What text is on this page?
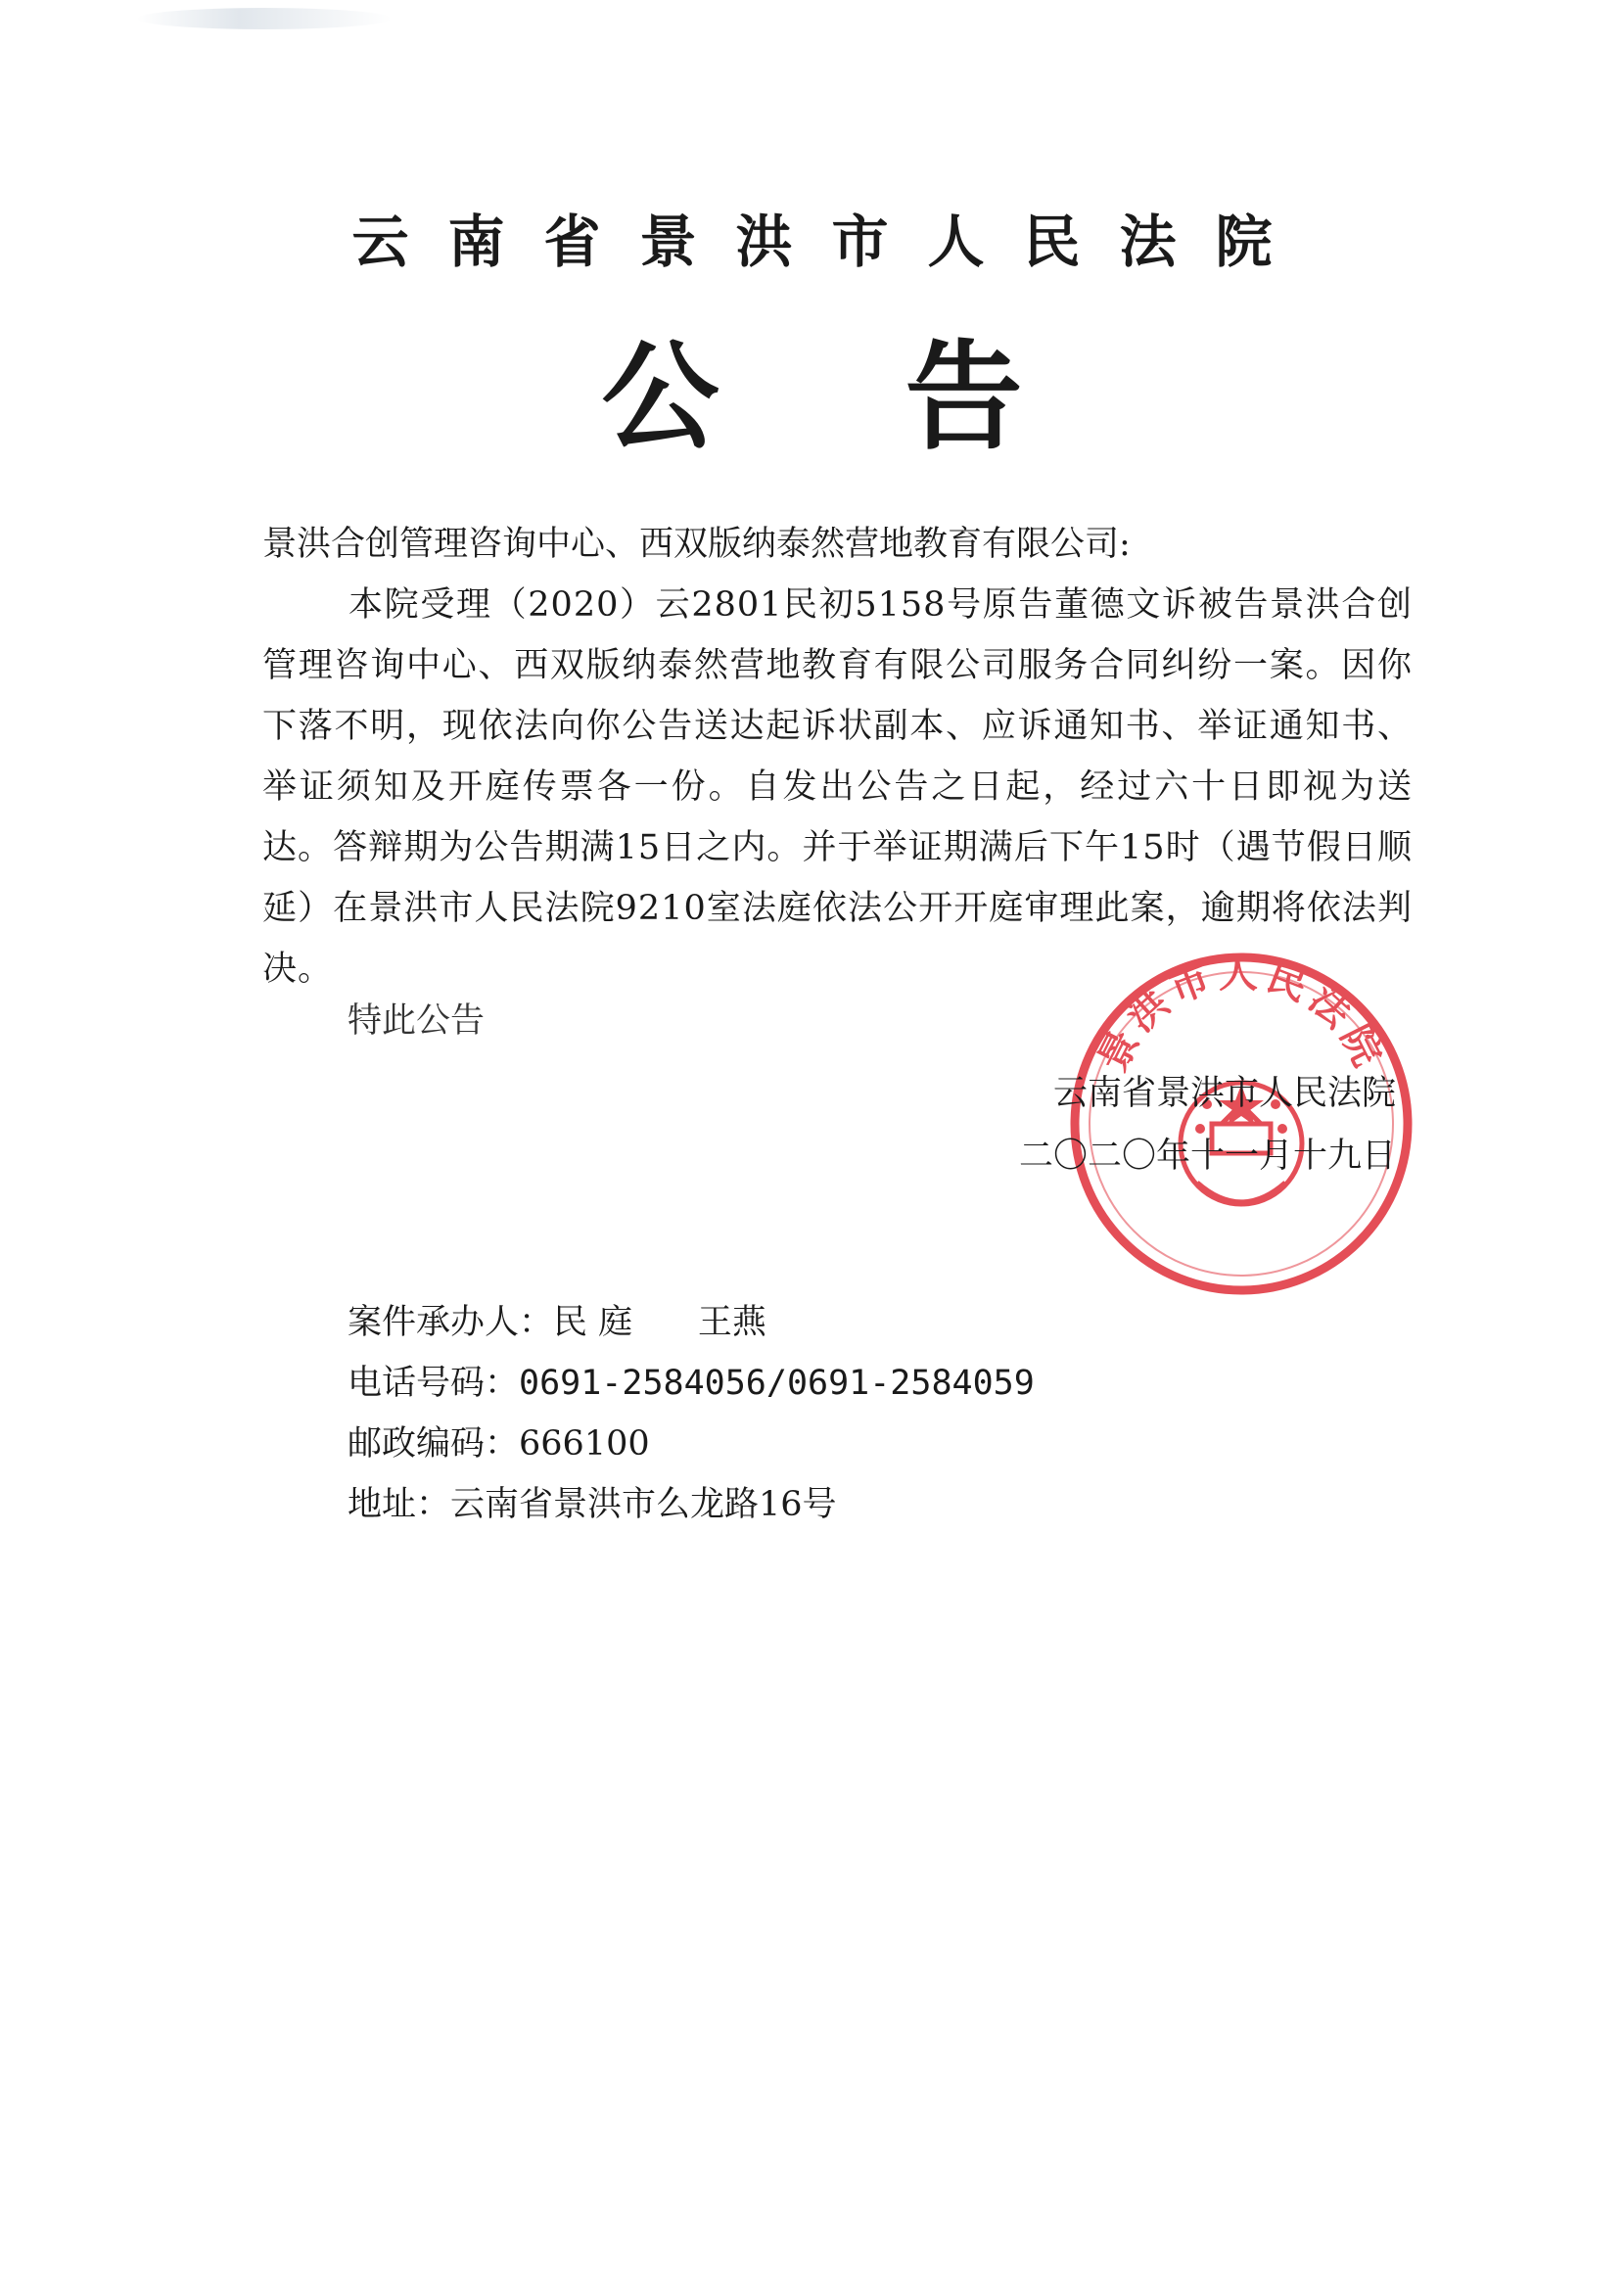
云南省景洪市人民法院
公告
景洪合创管理咨询中心、西双版纳泰然营地教育有限公司:
本院受理（2020）云2801民初5158号原告董德文诉被告景洪合创管理咨询中心、西双版纳泰然营地教育有限公司服务合同纠纷一案。因你下落不明，现依法向你公告送达起诉状副本、应诉通知书、举证通知书、举证须知及开庭传票各一份。自发出公告之日起，经过六十日即视为送达。答辩期为公告期满15日之内。并于举证期满后下午15时（遇节假日顺延）在景洪市人民法院9210室法庭依法公开开庭审理此案，逾期将依法判决。
特此公告	景洪市人民法院
云南省景洪市人民法院
二〇二〇年十一月十九日
案件承办人：民 庭 王燕
电话号码：0691-2584056/0691-2584059
邮政编码：666100
地址：云南省景洪市么龙路16号
